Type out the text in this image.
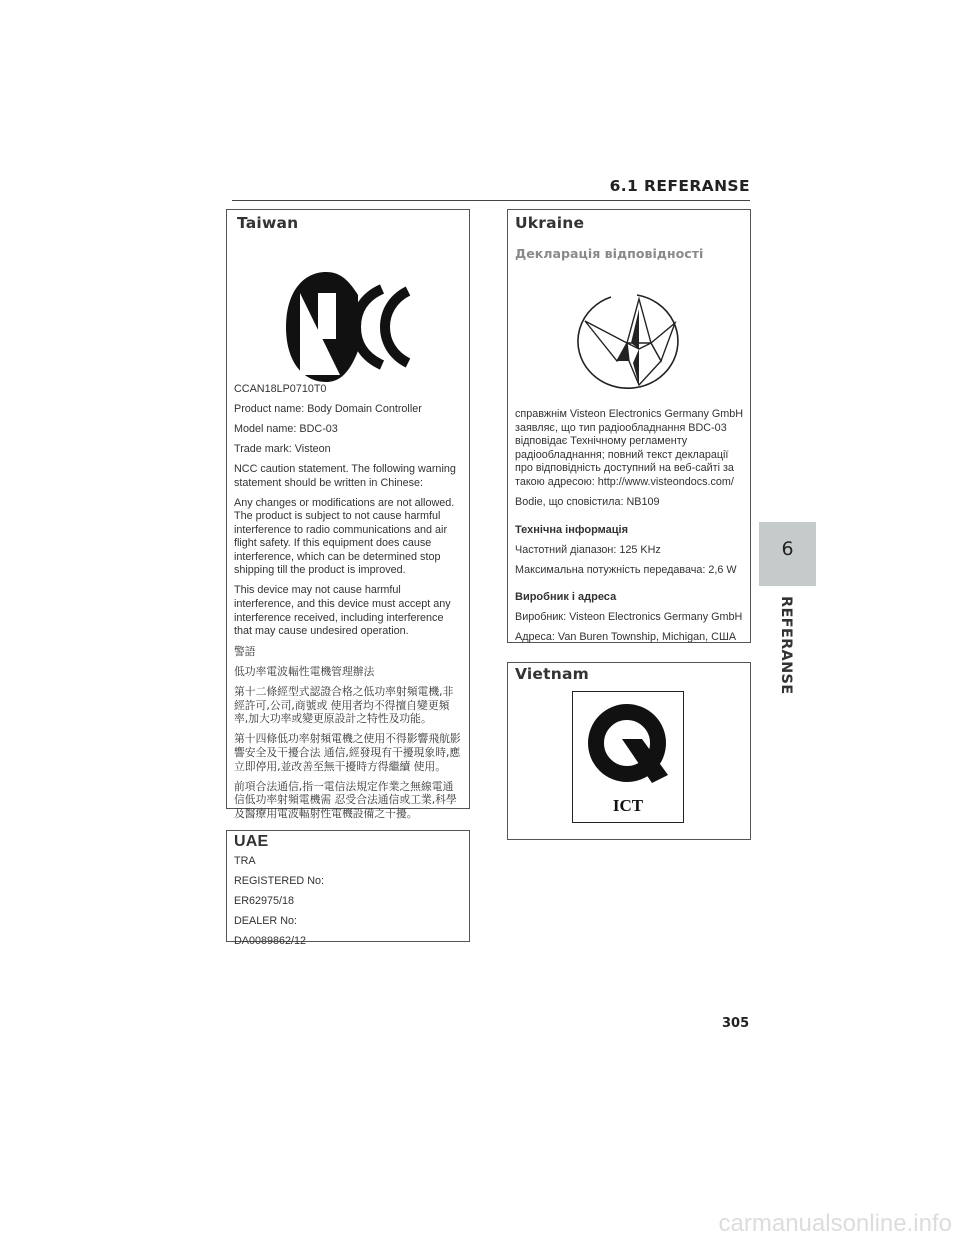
6.1 REFERANSE
Taiwan

CCAN18LP0710T0

Product name: Body Domain Controller

Model name: BDC-03

Trade mark: Visteon

NCC caution statement. The following warning statement should be written in Chinese:

Any changes or modifications are not allowed. The product is subject to not cause harmful interference to radio communications and air flight safety. If this equipment does cause interference, which can be determined stop shipping till the product is improved.

This device may not cause harmful interference, and this device must accept any interference received, including interference that may cause undesired operation.

警語

低功率電波輻性電機管理辦法

第十二條經型式認證合格之低功率射頻電機,非經許可,公司,商號或 使用者均不得擅自變更頻率,加大功率或變更原設計之特性及功能。

第十四條低功率射頻電機之使用不得影響飛航影響安全及干擾合法 通信,經發現有干擾現象時,應立即停用,並改善至無干擾時方得繼續 使用。

前項合法通信,指一電信法規定作業之無線電通信低功率射頻電機需 忍受合法通信或工業,科學及醫療用電波輻射性電機設備之干擾。

UAE

TRA

REGISTERED No:

ER62975/18

DEALER No:

DA0089862/12

Ukraine
Декларація відповідності

справжнім Visteon Electronics Germany GmbH заявляє, що тип радіообладнання BDC-03 відповідає Технічному регламенту радіообладнання; повний текст декларації про відповідність доступний на веб-сайті за такою адресою: http://www.visteondocs.com/

Bodie, що сповістила: NB109

Технічна інформація

Частотний діапазон: 125 KHz

Максимальна потужність передавача: 2,6 W

Виробник і адреса

Виробник: Visteon Electronics Germany GmbH

Адреса: Van Buren Township, Michigan, США

Vietnam
ICT
6
REFERANSE
305
carmanualsonline.info
